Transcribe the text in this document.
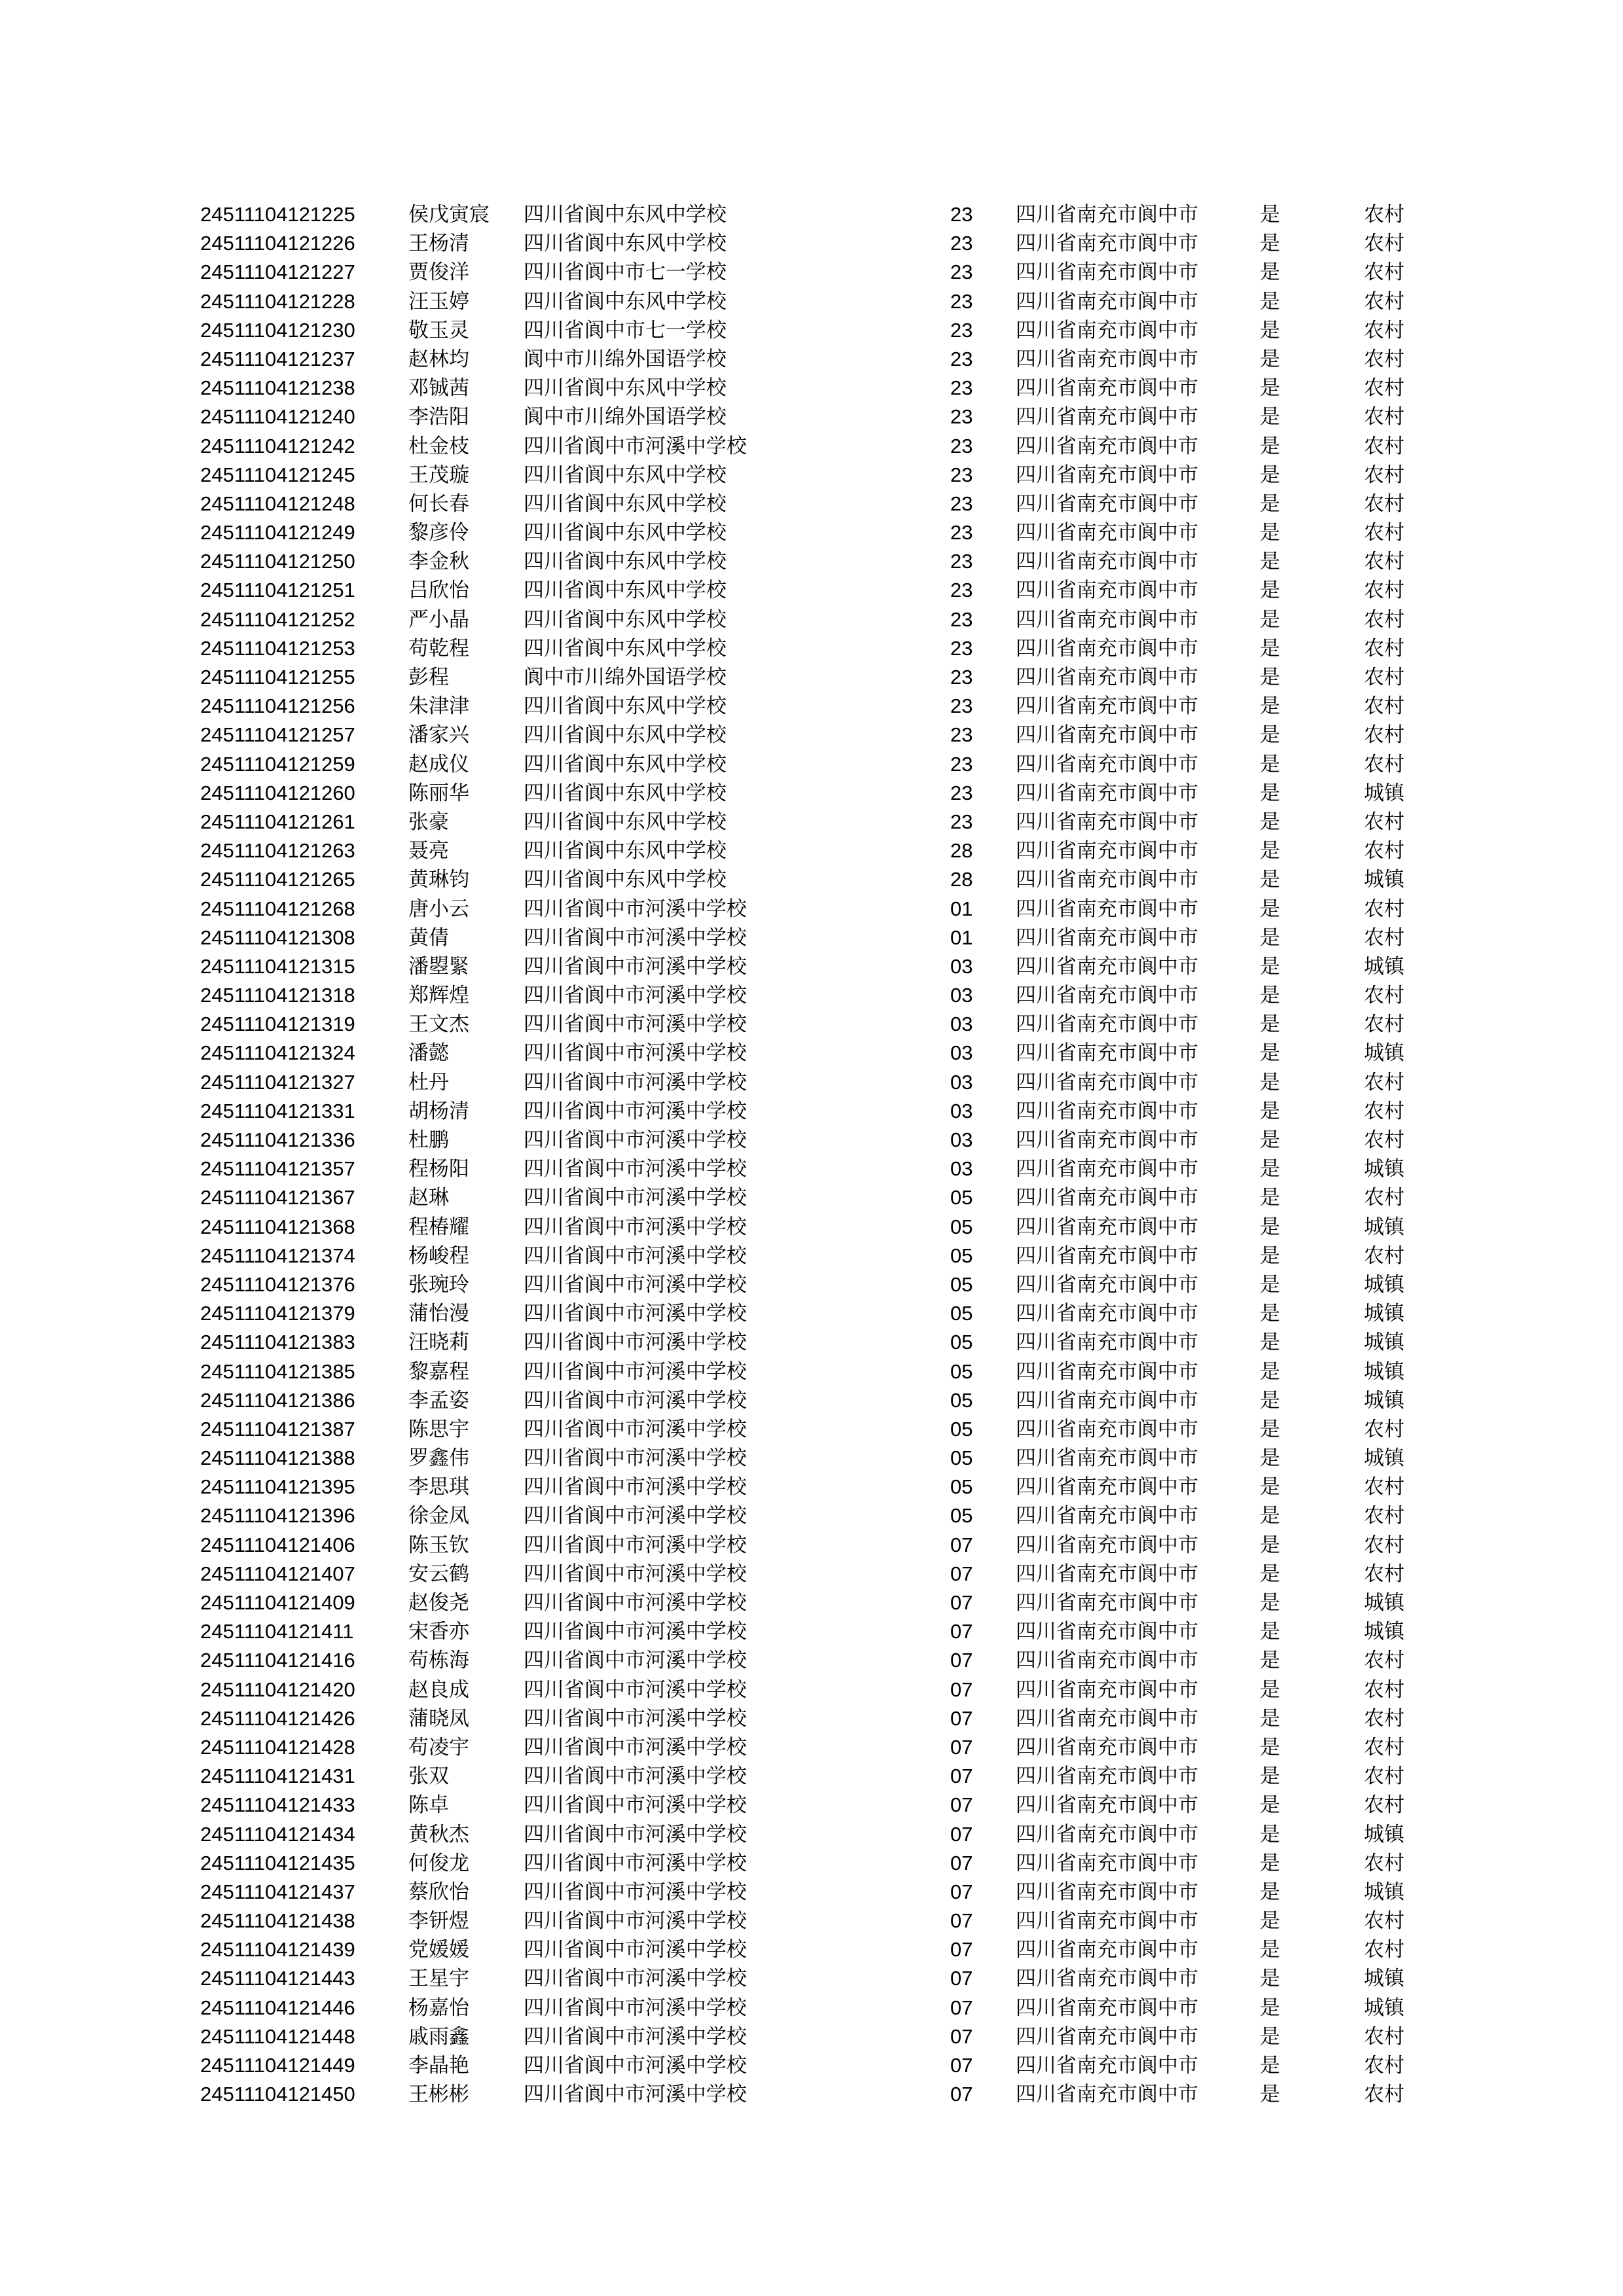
24511104121225	侯戊寅宸 四川省阆中东风中学校	23 四川省南充市阆中市	是	农村
24511104121226	王杨清	四川省阆中东风中学校	23 四川省南充市阆中市	是	农村
24511104121227	贾俊洋	四川省阆中市七一学校	23 四川省南充市阆中市	是	农村
24511104121228	汪玉婷	四川省阆中东风中学校	23 四川省南充市阆中市	是	农村
24511104121230	敬玉灵	四川省阆中市七一学校	23 四川省南充市阆中市	是	农村
24511104121237	赵林均	阆中市川绵外国语学校	23 四川省南充市阆中市	是	农村
24511104121238	邓铖茜	四川省阆中东风中学校	23 四川省南充市阆中市	是	农村
24511104121240	李浩阳	阆中市川绵外国语学校	23 四川省南充市阆中市	是	农村
24511104121242	杜金枝	四川省阆中市河溪中学校	23 四川省南充市阆中市	是	农村
24511104121245	王茂璇	四川省阆中东风中学校	23 四川省南充市阆中市	是	农村
24511104121248	何长春	四川省阆中东风中学校	23 四川省南充市阆中市	是	农村
24511104121249	黎彦伶	四川省阆中东风中学校	23 四川省南充市阆中市	是	农村
24511104121250	李金秋	四川省阆中东风中学校	23 四川省南充市阆中市	是	农村
24511104121251	吕欣怡	四川省阆中东风中学校	23 四川省南充市阆中市	是	农村
24511104121252	严小晶	四川省阆中东风中学校	23 四川省南充市阆中市	是	农村
24511104121253	苟乾程	四川省阆中东风中学校	23 四川省南充市阆中市	是	农村
24511104121255	彭程	阆中市川绵外国语学校	23 四川省南充市阆中市	是	农村
24511104121256	朱津津	四川省阆中东风中学校	23 四川省南充市阆中市	是	农村
24511104121257	潘家兴	四川省阆中东风中学校	23 四川省南充市阆中市	是	农村
24511104121259	赵成仪	四川省阆中东风中学校	23 四川省南充市阆中市	是	农村
24511104121260	陈丽华	四川省阆中东风中学校	23 四川省南充市阆中市	是	城镇
24511104121261	张豪	四川省阆中东风中学校	23 四川省南充市阆中市	是	农村
24511104121263	聂亮	四川省阆中东风中学校	28 四川省南充市阆中市	是	农村
24511104121265	黄琳钧	四川省阆中东风中学校	28 四川省南充市阆中市	是	城镇
24511104121268	唐小云	四川省阆中市河溪中学校	01 四川省南充市阆中市	是	农村
24511104121308	黄倩	四川省阆中市河溪中学校	01 四川省南充市阆中市	是	农村
24511104121315	潘曌緊	四川省阆中市河溪中学校	03 四川省南充市阆中市	是	城镇
24511104121318	郑辉煌	四川省阆中市河溪中学校	03 四川省南充市阆中市	是	农村
24511104121319	王文杰	四川省阆中市河溪中学校	03 四川省南充市阆中市	是	农村
24511104121324	潘懿	四川省阆中市河溪中学校	03 四川省南充市阆中市	是	城镇
24511104121327	杜丹	四川省阆中市河溪中学校	03 四川省南充市阆中市	是	农村
24511104121331	胡杨清	四川省阆中市河溪中学校	03 四川省南充市阆中市	是	农村
24511104121336	杜鹏	四川省阆中市河溪中学校	03 四川省南充市阆中市	是	农村
24511104121357	程杨阳	四川省阆中市河溪中学校	03 四川省南充市阆中市	是	城镇
24511104121367	赵琳	四川省阆中市河溪中学校	05 四川省南充市阆中市	是	农村
24511104121368	程椿耀	四川省阆中市河溪中学校	05 四川省南充市阆中市	是	城镇
24511104121374	杨峻程	四川省阆中市河溪中学校	05 四川省南充市阆中市	是	农村
24511104121376	张琬玲	四川省阆中市河溪中学校	05 四川省南充市阆中市	是	城镇
24511104121379	蒲怡漫	四川省阆中市河溪中学校	05 四川省南充市阆中市	是	城镇
24511104121383	汪晓莉	四川省阆中市河溪中学校	05 四川省南充市阆中市	是	城镇
24511104121385	黎嘉程	四川省阆中市河溪中学校	05 四川省南充市阆中市	是	城镇
24511104121386	李孟姿	四川省阆中市河溪中学校	05 四川省南充市阆中市	是	城镇
24511104121387	陈思宇	四川省阆中市河溪中学校	05 四川省南充市阆中市	是	农村
24511104121388	罗鑫伟	四川省阆中市河溪中学校	05 四川省南充市阆中市	是	城镇
24511104121395	李思琪	四川省阆中市河溪中学校	05 四川省南充市阆中市	是	农村
24511104121396	徐金凤	四川省阆中市河溪中学校	05 四川省南充市阆中市	是	农村
24511104121406	陈玉钦	四川省阆中市河溪中学校	07 四川省南充市阆中市	是	农村
24511104121407	安云鹤	四川省阆中市河溪中学校	07 四川省南充市阆中市	是	农村
24511104121409	赵俊尧	四川省阆中市河溪中学校	07 四川省南充市阆中市	是	城镇
24511104121411	宋香亦	四川省阆中市河溪中学校	07 四川省南充市阆中市	是	城镇
24511104121416	苟栋海	四川省阆中市河溪中学校	07 四川省南充市阆中市	是	农村
24511104121420	赵良成	四川省阆中市河溪中学校	07 四川省南充市阆中市	是	农村
24511104121426	蒲晓凤	四川省阆中市河溪中学校	07 四川省南充市阆中市	是	农村
24511104121428	苟凌宇	四川省阆中市河溪中学校	07 四川省南充市阆中市	是	农村
24511104121431	张双	四川省阆中市河溪中学校	07 四川省南充市阆中市	是	农村
24511104121433	陈卓	四川省阆中市河溪中学校	07 四川省南充市阆中市	是	农村
24511104121434	黄秋杰	四川省阆中市河溪中学校	07 四川省南充市阆中市	是	城镇
24511104121435	何俊龙	四川省阆中市河溪中学校	07 四川省南充市阆中市	是	农村
24511104121437	蔡欣怡	四川省阆中市河溪中学校	07 四川省南充市阆中市	是	城镇
24511104121438	李钘煜	四川省阆中市河溪中学校	07 四川省南充市阆中市	是	农村
24511104121439	党媛媛	四川省阆中市河溪中学校	07 四川省南充市阆中市	是	农村
24511104121443	王星宇	四川省阆中市河溪中学校	07 四川省南充市阆中市	是	城镇
24511104121446	杨嘉怡	四川省阆中市河溪中学校	07 四川省南充市阆中市	是	城镇
24511104121448	戚雨鑫	四川省阆中市河溪中学校	07 四川省南充市阆中市	是	农村
24511104121449	李晶艳	四川省阆中市河溪中学校	07 四川省南充市阆中市	是	农村
24511104121450	王彬彬	四川省阆中市河溪中学校	07 四川省南充市阆中市	是	农村
